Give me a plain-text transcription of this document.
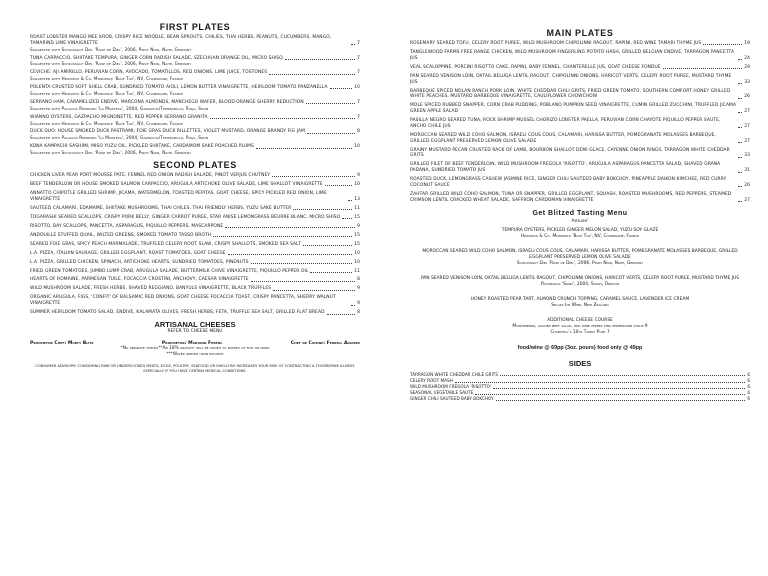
FIRST PLATES
ROAST LOBSTER MANGO MEE KROB, CRISPY RICE NOODLE, BEAN SPROUTS, CHILIES, THAI HERBS, PEANUTS, CUCUMBERS, MANGO, TAMARIND LIME VINAIGRETTE	7
Suggested with Schlossgut Diel 'Rose de Diel', 2006, Pinot Noir, Nahe, Germany
TUNA CARPACCIO, SHIITAKE TEMPURA, GINGER CORN RADISH SALADE, SZECHUAN ORANGE OIL, MICRO SHISO	7
Suggested with Schlossgut Diel 'Rose de Diel', 2006, Pinot Noir, Nahe, Germany
CEVICHE: AJI AMIRILLO, PERUVIAN CORN, AVOCADO, TOMATILLOS, RED ONIONS, LIME JUICE, TOSTONES	7
Suggested with Heidsieck & Co. Monopole 'Blue Top', NV, Champagne, France
POLENTA CRUSTED SOFT SHELL CRAB, SUNDRIED TOMATO AIOLI, LEMON BUTTER VINAIGRETTE, HEIRLOOM TOMATO PANZANELLA	10
Suggested with Heidsieck & Co. Monopole 'Blue Top', NV, Champagne, France
SERRANO HAM, CARAMELIZED ENDIVE, MARCONA ALMONDS, MANCHEGO WAFER, BLOOD ORANGE SHERRY REDUCTION	7
Suggested with Palacios Remondo 'La Montesa', 2004, Garnacha/Tempranillo, Rioja, Spain
WIANNO OYSTERS, GAZPACHO MIGNONETTE, RED PEPPER SERRANO GRANITA	7
Suggested with Heidsieck & Co. Monopole 'Blue Top', NV, Champagne, France
DUCK DUO: HOUSE SMOKED DUCK PASTRAMI; FOIE GRAS DUCK RILLETTES, VIOLET MUSTARD, ORANGE BRANDY FIG JAM	8
Suggested with Palacios Remondo 'La Montesa', 2004, Garnacha/Tempranillo, Rioja, Spain
KONA KAMPACHI SASHIMI, MISO YUZU OIL, PICKLED SHIITAKE, CARDAMOM SAKE POACHED PLUMS	10
Suggested with Schlossgut Diel 'Rose de Diel', 2006, Pinot Noir, Nahe, Germany
SECOND PLATES
CHICKEN LIVER PEAR PORT MOUSSE PATE, FENNEL RED ONION RADISH SALADE, PINOT VERJUS CHUTNEY	9
BEEF TENDERLOIN OR HOUSE SMOKED SALMON CARPACCIO, ARUGULA ARTICHOKE OLIVE SALADE, LIME SHALLOT VINAIGRETTE	10
ANNATTO CHIPOTLE GRILLED SHRIMP, JICAMA, WATERMELON, TOASTED PEPITAS, GOAT CHEESE, SPICY PICKLED RED ONION, LIME VINAIGRETTE	13
SAUTEED CALAMARI, EDAMAME, SHIITAKE MUSHROOMS, THAI CHILES, THAI FRIENDLY HERBS, YUZU SAKE BUTTER	11
TOGARASHI SEARED SCALLOPS, CRISPY PORK BELLY, GINGER CARROT PUREE, STAR ANISE LEMONGRASS BEURRE BLANC, MICRO SHISO	15
RISOTTO, BAY SCALLOPS, PANCETTA, ASPARAGUS, PIQUILLO PEPPERS, MASCARPONE	9
ANDOUILLE STUFFED QUAIL, WILTED GREENS, SMOKED TOMATO TASSO BROTH	15
SEARED FOIE GRAS, SPICY PEACH MARMALADE, TRUFFLED CELERY ROOT SLAW, CRISPY SHALLOTS, SMOKED SEA SALT	15
L.A. PIZZA, ITALIAN SAUSAGE, GRILLED EGGPLANT, ROAST TOMATOES, GOAT CHEESE	10
L.A. PIZZA, GRILLED CHICKEN, SPINACH, ARTICHOKE HEARTS, SUNDRIED TOMATOES, PINENUTS	10
FRIED GREEN TOMATOES, JUMBO LUMP CRAB, ARUGULA SALADE, BUTTERMILK CHIVE VINAIGRETTE, PIQUILLO PEPPER OIL	11
HEARTS OF ROMAINE, PARMESAN TUILE, FOCACCIA CROSTINI, ANCHOVY, CAESAR VINAIGRETTE	8
WILD MUSHROOM SALADE, FRESH HERBS, SHAVED REGGIANO, BANYULS VINAIGRETTE, BLACK TRUFFLES	9
ORGANIC ARUGULA, FIGS, 'CONFIT' OF BALSAMIC RED ONIONS, GOAT CHEESE FOCACCIA TOAST, CRISPY PANCETTA, SHERRY WALNUT VINAIGRETTE	9
SUMMER HEIRLOOM TOMATO SALAD, ENDIVE, KALAMATA OLIVES, FRESH HERBS, FETA, TRUFFLE SEA SALT, GRILLED FLAT BREAD	8
ARTISANAL CHEESES
REFER TO CHEESE MENU
Proprietor Chef: Marty Blitz	Proprietor: Maryann Ferenc	Chef de Cuisine: Ferrell Alvarez
*No separate checks**An 18% gratuity will be added to parties of five or more
***Water served upon request
CONSUMER ADVISORY: CONSUMING RAW OR UNDERCOOKED MEATS, EGGS, POULTRY, SEAFOOD OR SHELLFISH INCREASES YOUR RISK OF CONTRACTING A FOODBORNE ILLNESS ESPECIALLY IF YOU HAVE CERTAIN MEDICAL CONDITIONS.
MAIN PLATES
ROSEMARY SEARED TOFU, CELERY ROOT PUREE, WILD MUSHROOM CHIPOLINNI RAGOUT, RAPINI, RED WINE TAMARI THYME JUS	19
TANGLEWOOD FARMS FREE RANGE CHICKEN, WILD MUSHROOM FINGERLING POTATO HASH, GRILLED BELGIAN ENDIVE, TARRAGON PANCETTA JUS	24
VEAL SCALOPPINE, PORCINI RISOTTO CAKE, RAPINI, BABY FENNEL, CHANTERELLE JUS, GOAT CHEESE FONDUE	29
PAN SEARED VENISON LOIN, OXTAIL BELUGA LENTIL RAGOUT, CHIPOLINNI ONIONS, HARICOT VERTS, CELERY ROOT PUREE, MUSTARD THYME JUS	33
BARBEQUE SPICED NOLAN RANCH PORK LOIN, WHITE CHEDDAR CHILI GRITS, FRIED GREEN TOMATO, SOUTHERN COMFORT HONEY GRILLED WHITE PEACHES, MUSTARD BARBEQUE VINAIGRETTE, CAULIFLOWER CHOWCHOW	26
MOLE SPICED RUBBED SNAPPER, CORN CRAB PUDDING, POBLANO PUMPKIN SEED VINAIGRETTE, CUMIN GRILLED ZUCCHINI, TRUFFLED JICAMA GREEN APPLE SALAD	27
PASILLA NEGRO SEARED TUNA, ROCK SHRIMP MUSSEL CHORIZO LOBSTER PAELLA, PERUVIAN CORN CHAYOTE PIQUILLO PEPPER SAUTE, ANCHO CHILE JUS	27
MOROCCAN SEARED WILD COHO SALMON, ISRAELI COUS COUS, CALAMARI, HARISSA BUTTER, POMEGRANATE MOLASSES BARBEQUE, GRILLED EGGPLANT PRESERVED LEMON OLIVE SALADE	27
GRAINY MUSTARD PECAN CRUSTED RACK OF LAMB, BOURBON SHALLOT DEMI GLACE, CAYENNE ONION RINGS, TARRAGON WHITE CHEDDAR GRITS	33
GRILLED FILET OF BEEF TENDERLOIN, WILD MUSHROOM FREGOLA 'RISOTTO', ARUGULA ASPARAGUS PANCETTA SALAD, SHAVED GRANA PADANA, SUNDRIED TOMATO JUS	31
ROASTED DUCK, LEMONGRASS CASHEW JASMINE RICE, GINGER CHILI SAUTEED BABY BOKCHOY, PINEAPPLE DAIKON KIMCHEE, RED CURRY COCONUT SAUCE	26
ZAHTAR GRILLED WILD COHO SALMON, TUNA OR SNAPPER, GRILLED EGGPLANT, SQUASH, ROASTED MUSHROOMS, RED PEPPERS, STEAMED CRIMSON LENTIL CRACKED WHEAT SALADE, SAFFRON CARDOMAN VINAIGRETTE	27
Get Blitzed Tasting Menu
Amuse'
TEMPURA OYSTERS, PICKLED GINGER MELON SALAD, YUZU SOY GLAZE
Heidsieck & Co. Monopole 'Blue Top', NV, Champagne, France
MOROCCAN SEARED WILD COHO SALMON, ISRAELI COUS COUS, CALAMARI, HARISSA BUTTER, POMEGRANATE MOLASSES BARBEQUE, GRILLED EGGPLANT PRESERVED LEMON OLIVE SALADE
Schlossgut Diel 'Rose de Diel', 2006, Pinot Noir, Nahe, Germany
PAN SEARED VENISON LOIN, OXTAIL BELUGA LENTIL RAGOUT, CHIPOLINNI ONIONS, HARICOT VERTS, CELERY ROOT PUREE, MUSTARD THYME JUS
Rockblock 'Sono', 2004, Syrah, Oregon
HONEY ROASTED PEAR TART, ALMOND CRUNCH TOPPING, CARAMEL SAUCE, LAVENDER ICE CREAM
Selaks Ice Wine, New Zealand
ADDITIONAL CHEESE COURSE
Montenebro, golden beet salad, red wine pepper pink peppercorn syrup 9
Churchill's 10yr Tawny Port 7
food/wine @ 69pp (3oz. pours) food only @ 49pp
SIDES
TARRAGON WHITE CHEDDAR CHILE GRITS	6
CELERY ROOT MASH	6
WILD MUSHROOM FREGOLA 'RISOTTO'	6
SEASONAL VEGETABLE SAUTE	6
GINGER CHILI SAUTEED BABY BOKCHOY	6
